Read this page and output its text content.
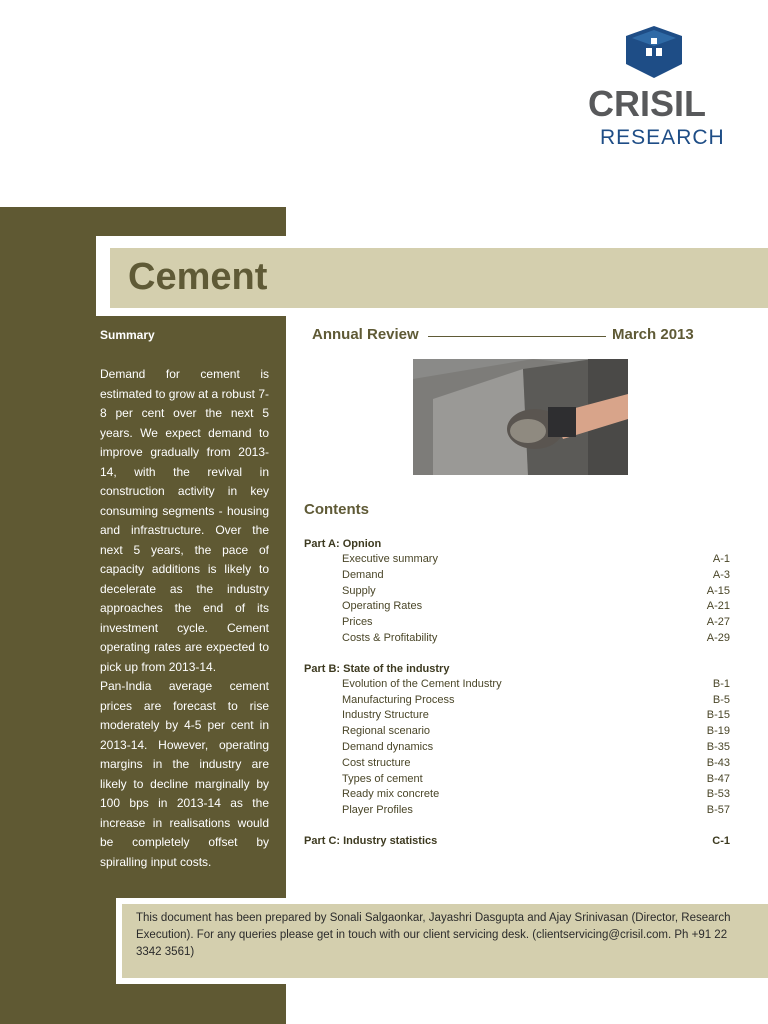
CRISIL
RESEARCH
Cement
Summary

Demand for cement is estimated to grow at a robust 7-8 per cent over the next 5 years. We expect demand to improve gradually from 2013-14, with the revival in construction activity in key consuming segments - housing and infrastructure. Over the next 5 years, the pace of capacity additions is likely to decelerate as the industry approaches the end of its investment cycle. Cement operating rates are expected to pick up from 2013-14.

Pan-India average cement prices are forecast to rise moderately by 4-5 per cent in 2013-14. However, operating margins in the industry are likely to decline marginally by 100 bps in 2013-14 as the increase in realisations would be completely offset by spiralling input costs.

Annual Review	March 2013
Contents
Part A: Opnion
Executive summary	A-1
Demand	A-3
Supply	A-15
Operating Rates	A-21
Prices	A-27
Costs & Profitability	A-29
Part B: State of the industry
Evolution of the Cement Industry	B-1
Manufacturing Process	B-5
Industry Structure	B-15
Regional scenario	B-19
Demand dynamics	B-35
Cost structure	B-43
Types of cement	B-47
Ready mix concrete	B-53
Player Profiles	B-57
Part C: Industry statistics	C-1
This document has been prepared by Sonali Salgaonkar, Jayashri Dasgupta and Ajay Srinivasan (Director, Research Execution). For any queries please get in touch with our client servicing desk. (clientservicing@crisil.com. Ph +91 22 3342 3561)
